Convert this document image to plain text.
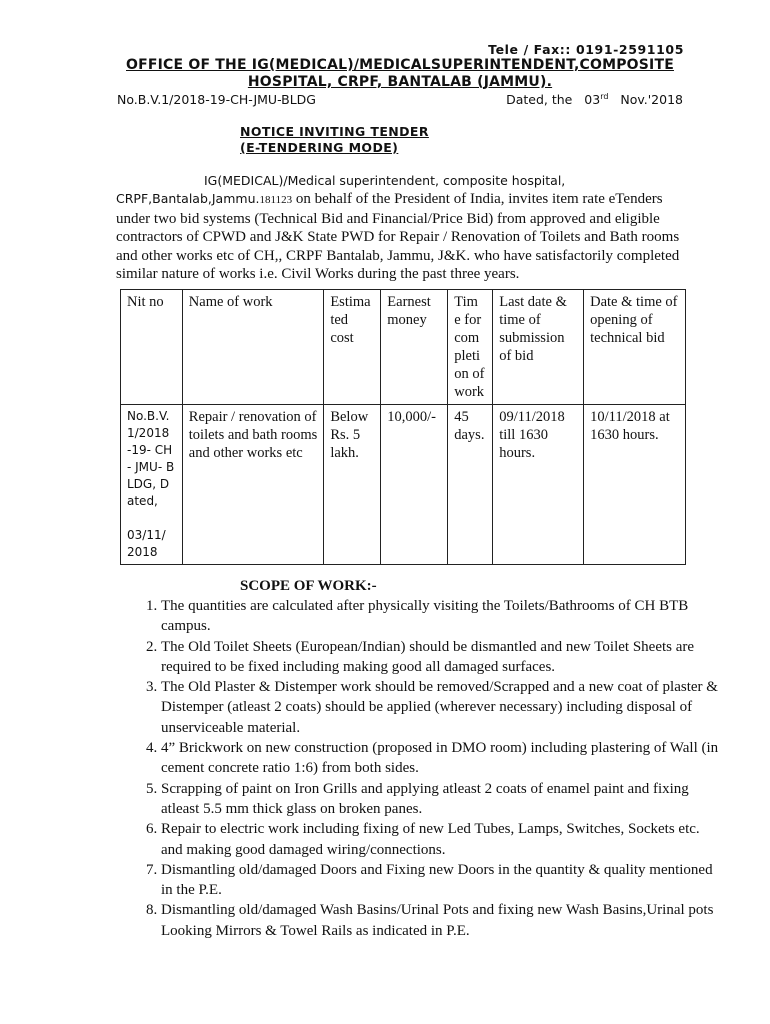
Tele / Fax:: 0191-2591105
OFFICE OF THE IG(MEDICAL)/MEDICALSUPERINTENDENT,COMPOSITE
HOSPITAL, CRPF, BANTALAB (JAMMU).
No.B.V.1/2018-19-CH-JMU-BLDG	Dated, the 03rd Nov.'2018
NOTICE INVITING TENDER
(E-TENDERING MODE)
IG(MEDICAL)/Medical superintendent, composite hospital,
CRPF,Bantalab,Jammu.181123 on behalf of the President of India, invites item rate eTenders under two bid systems (Technical Bid and Financial/Price Bid) from approved and eligible contractors of CPWD and J&K State PWD for Repair / Renovation of Toilets and Bath rooms and other works etc of CH,, CRPF Bantalab, Jammu, J&K. who have satisfactorily completed similar nature of works i.e. Civil Works during the past three years.
Nit no	Name of work	Estima ted cost	Earnest money	Tim e for com pleti on of work	Last date & time of submission of bid	Date & time of opening of technical bid

No.B.V. 1/2018 -19- CH- JMU- BLDG, Dated,
03/11/ 2018	Repair / renovation of toilets and bath rooms and other works etc	Below Rs. 5 lakh.	10,000/-	45 days.	09/11/2018 till 1630 hours.	10/11/2018 at 1630 hours.
SCOPE OF WORK:-
1. The quantities are calculated after physically visiting the Toilets/Bathrooms of CH BTB campus.
2. The Old Toilet Sheets (European/Indian) should be dismantled and new Toilet Sheets are required to be fixed including making good all damaged surfaces.
3. The Old Plaster & Distemper work should be removed/Scrapped and a new coat of plaster & Distemper (atleast 2 coats) should be applied (wherever necessary) including disposal of unserviceable material.
4. 4” Brickwork on new construction (proposed in DMO room) including plastering of Wall (in cement concrete ratio 1:6) from both sides.
5. Scrapping of paint on Iron Grills and applying atleast 2 coats of enamel paint and fixing atleast 5.5 mm thick glass on broken panes.
6. Repair to electric work including fixing of new Led Tubes, Lamps, Switches, Sockets etc. and making good damaged wiring/connections.
7. Dismantling old/damaged Doors and Fixing new Doors in the quantity & quality mentioned in the P.E.
8. Dismantling old/damaged Wash Basins/Urinal Pots and fixing new Wash Basins,Urinal pots Looking Mirrors & Towel Rails as indicated in P.E.
